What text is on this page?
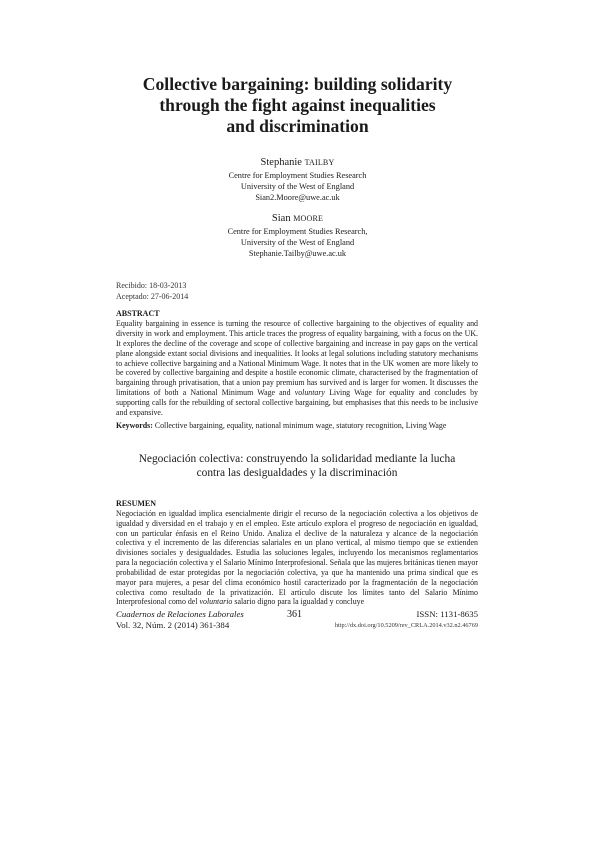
Collective bargaining: building solidarity
through the fight against inequalities
and discrimination
Stephanie TAILBY
Centre for Employment Studies Research
University of the West of England
Sian2.Moore@uwe.ac.uk
Sian MOORE
Centre for Employment Studies Research,
University of the West of England
Stephanie.Tailby@uwe.ac.uk
Recibido: 18-03-2013
Aceptado: 27-06-2014
ABSTRACT
Equality bargaining in essence is turning the resource of collective bargaining to the objectives of equality and diversity in work and employment. This article traces the progress of equality bargaining, with a focus on the UK. It explores the decline of the coverage and scope of collective bargaining and increase in pay gaps on the vertical plane alongside extant social divisions and inequalities. It looks at legal solutions including statutory mechanisms to achieve collective bargaining and a National Minimum Wage. It notes that in the UK women are more likely to be covered by collective bargaining and despite a hostile economic climate, characterised by the fragmentation of bargaining through privatisation, that a union pay premium has survived and is larger for women. It discusses the limitations of both a National Minimum Wage and voluntary Living Wage for equality and concludes by supporting calls for the rebuilding of sectoral collective bargaining, but emphasises that this needs to be inclusive and expansive.
Keywords: Collective bargaining, equality, national minimum wage, statutory recognition, Living Wage
Negociación colectiva: construyendo la solidaridad mediante la lucha
contra las desigualdades y la discriminación
RESUMEN
Negociación en igualdad implica esencialmente dirigir el recurso de la negociación colectiva a los objetivos de igualdad y diversidad en el trabajo y en el empleo. Este artículo explora el progreso de negociación en igualdad, con un particular énfasis en el Reino Unido. Analiza el declive de la naturaleza y alcance de la negociación colectiva y el incremento de las diferencias salariales en un plano vertical, al mismo tiempo que se extienden divisiones sociales y desigualdades. Estudia las soluciones legales, incluyendo los mecanismos reglamentarios para la negociación colectiva y el Salario Mínimo Interprofesional. Señala que las mujeres británicas tienen mayor probabilidad de estar protegidas por la negociación colectiva, ya que ha mantenido una prima sindical que es mayor para mujeres, a pesar del clima económico hostil caracterizado por la fragmentación de la negociación colectiva como resultado de la privatización. El artículo discute los límites tanto del Salario Mínimo Interprofesional como del voluntario salario digno para la igualdad y concluye
Cuadernos de Relaciones Laborales
Vol. 32, Núm. 2 (2014) 361-384
361	ISSN: 1131-8635
http://dx.doi.org/10.5209/rev_CRLA.2014.v32.n2.46769
